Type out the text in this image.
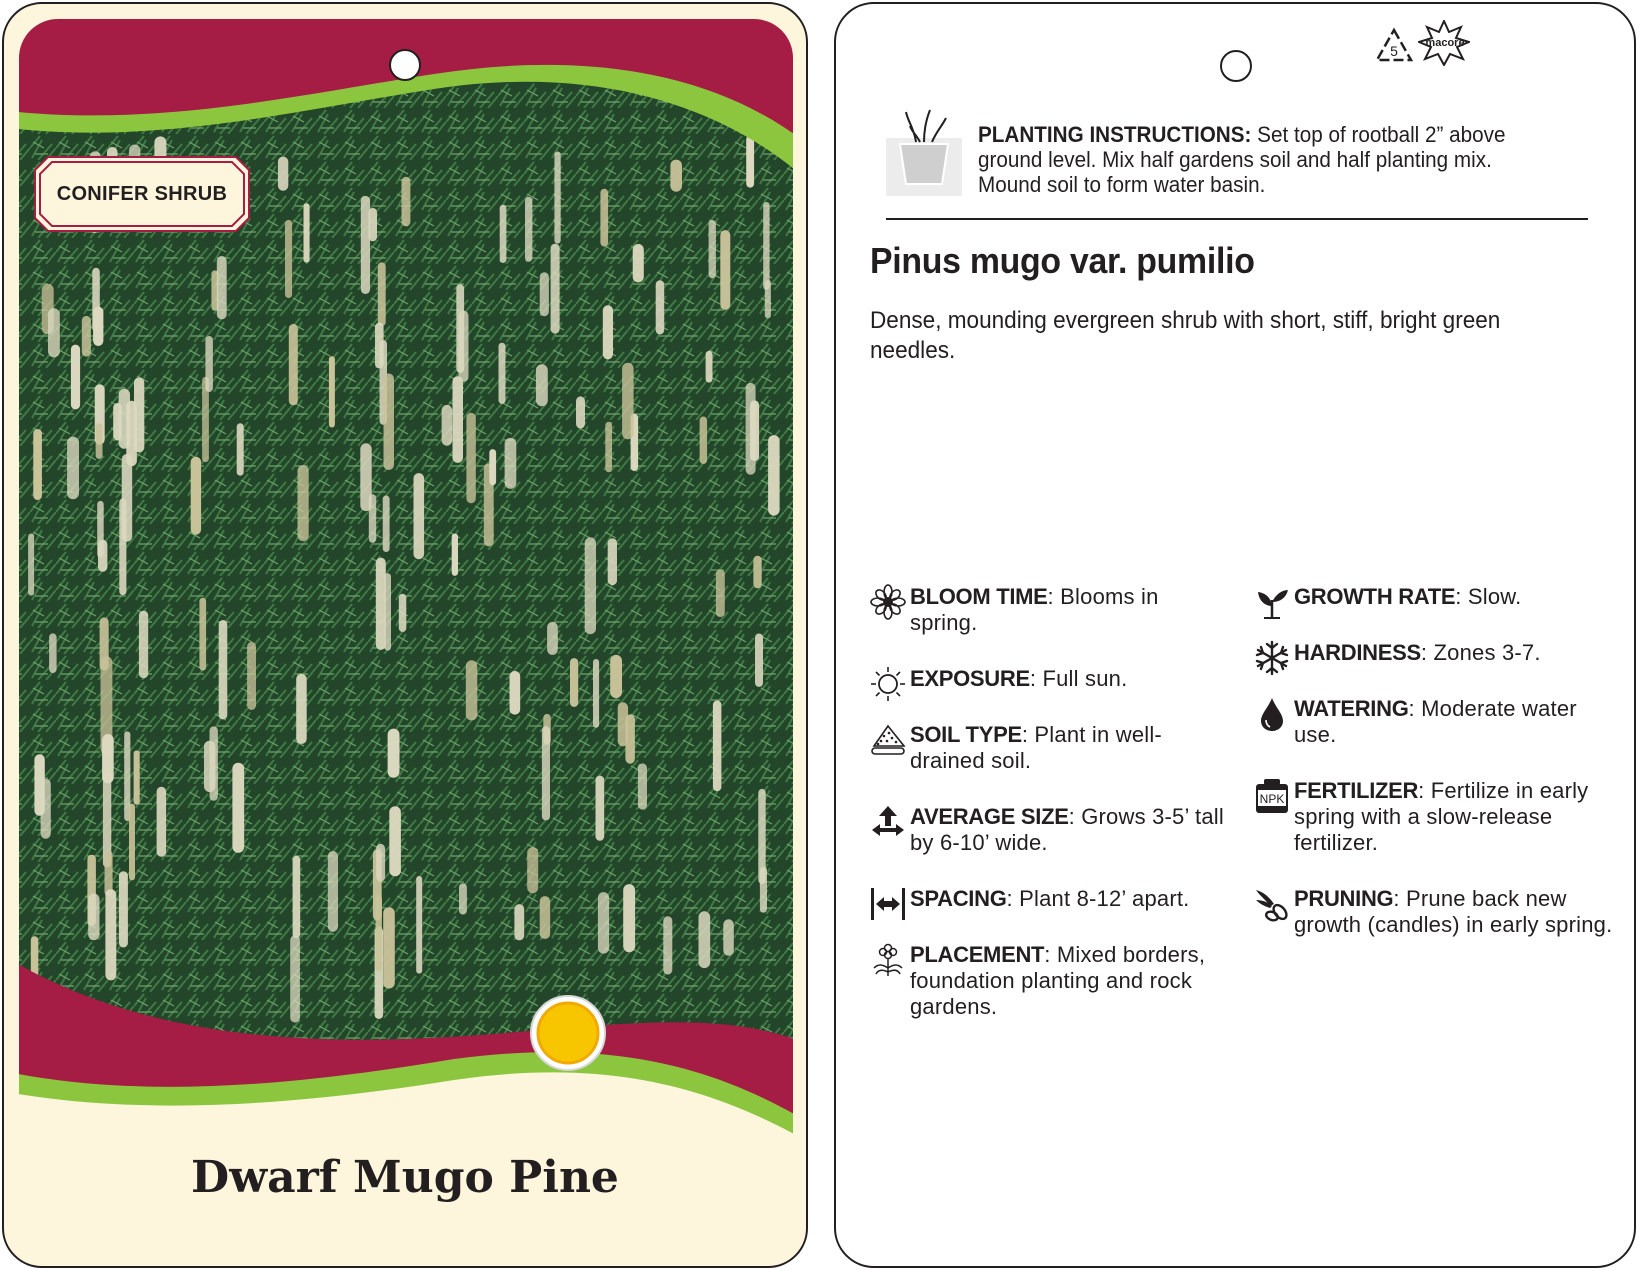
CONIFER SHRUB
Dwarf Mugo Pine
5	macore
PLANTING INSTRUCTIONS: Set top of rootball 2” above ground level. Mix half gardens soil and half planting mix. Mound soil to form water basin.
Pinus mugo var. pumilio
Dense, mounding evergreen shrub with short, stiff, bright green needles.
BLOOM TIME: Blooms in spring.
EXPOSURE: Full sun.
SOIL TYPE: Plant in well-drained soil.
AVERAGE SIZE: Grows 3-5’ tall by 6-10’ wide.
SPACING: Plant 8-12’ apart.
PLACEMENT: Mixed borders, foundation planting and rock gardens.
GROWTH RATE: Slow.
HARDINESS: Zones 3-7.
WATERING: Moderate water use.
NPK FERTILIZER: Fertilize in early spring with a slow-release fertilizer.
PRUNING: Prune back new growth (candles) in early spring.
